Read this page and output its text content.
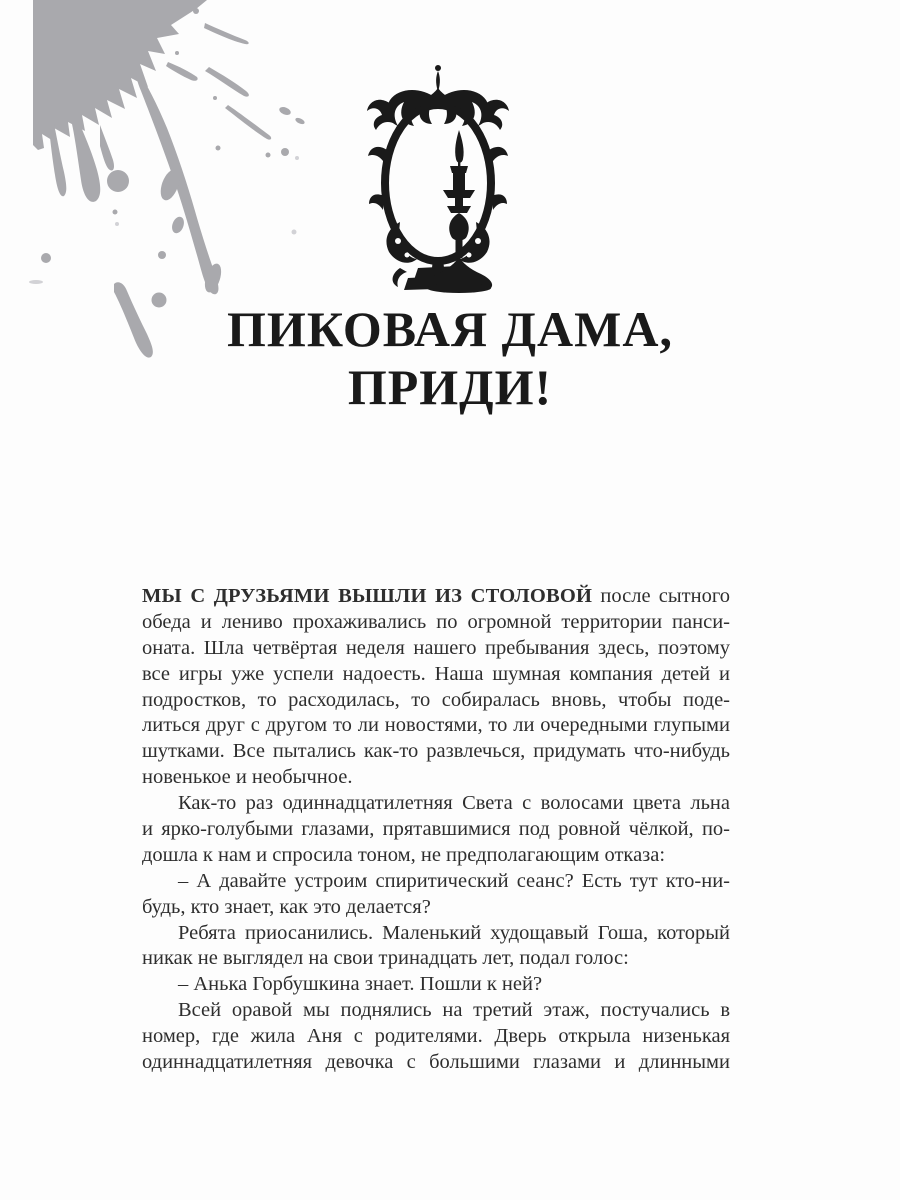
ПИКОВАЯ ДАМА,
ПРИДИ!
МЫ С ДРУЗЬЯМИ ВЫШЛИ ИЗ СТОЛОВОЙ после сытного
обеда и лениво прохаживались по огромной территории панси-
оната. Шла четвёртая неделя нашего пребывания здесь, поэтому
все игры уже успели надоесть. Наша шумная компания детей и
подростков, то расходилась, то собиралась вновь, чтобы поде-
литься друг с другом то ли новостями, то ли очередными глупыми
шутками. Все пытались как-то развлечься, придумать что-нибудь
новенькое и необычное.
Как-то раз одиннадцатилетняя Света с волосами цвета льна
и ярко-голубыми глазами, прятавшимися под ровной чёлкой, по-
дошла к нам и спросила тоном, не предполагающим отказа:
– А давайте устроим спиритический сеанс? Есть тут кто-ни-
будь, кто знает, как это делается?
Ребята приосанились. Маленький худощавый Гоша, который
никак не выглядел на свои тринадцать лет, подал голос:
– Анька Горбушкина знает. Пошли к ней?
Всей оравой мы поднялись на третий этаж, постучались в
номер, где жила Аня с родителями. Дверь открыла низенькая
одиннадцатилетняя девочка с большими глазами и длинными
